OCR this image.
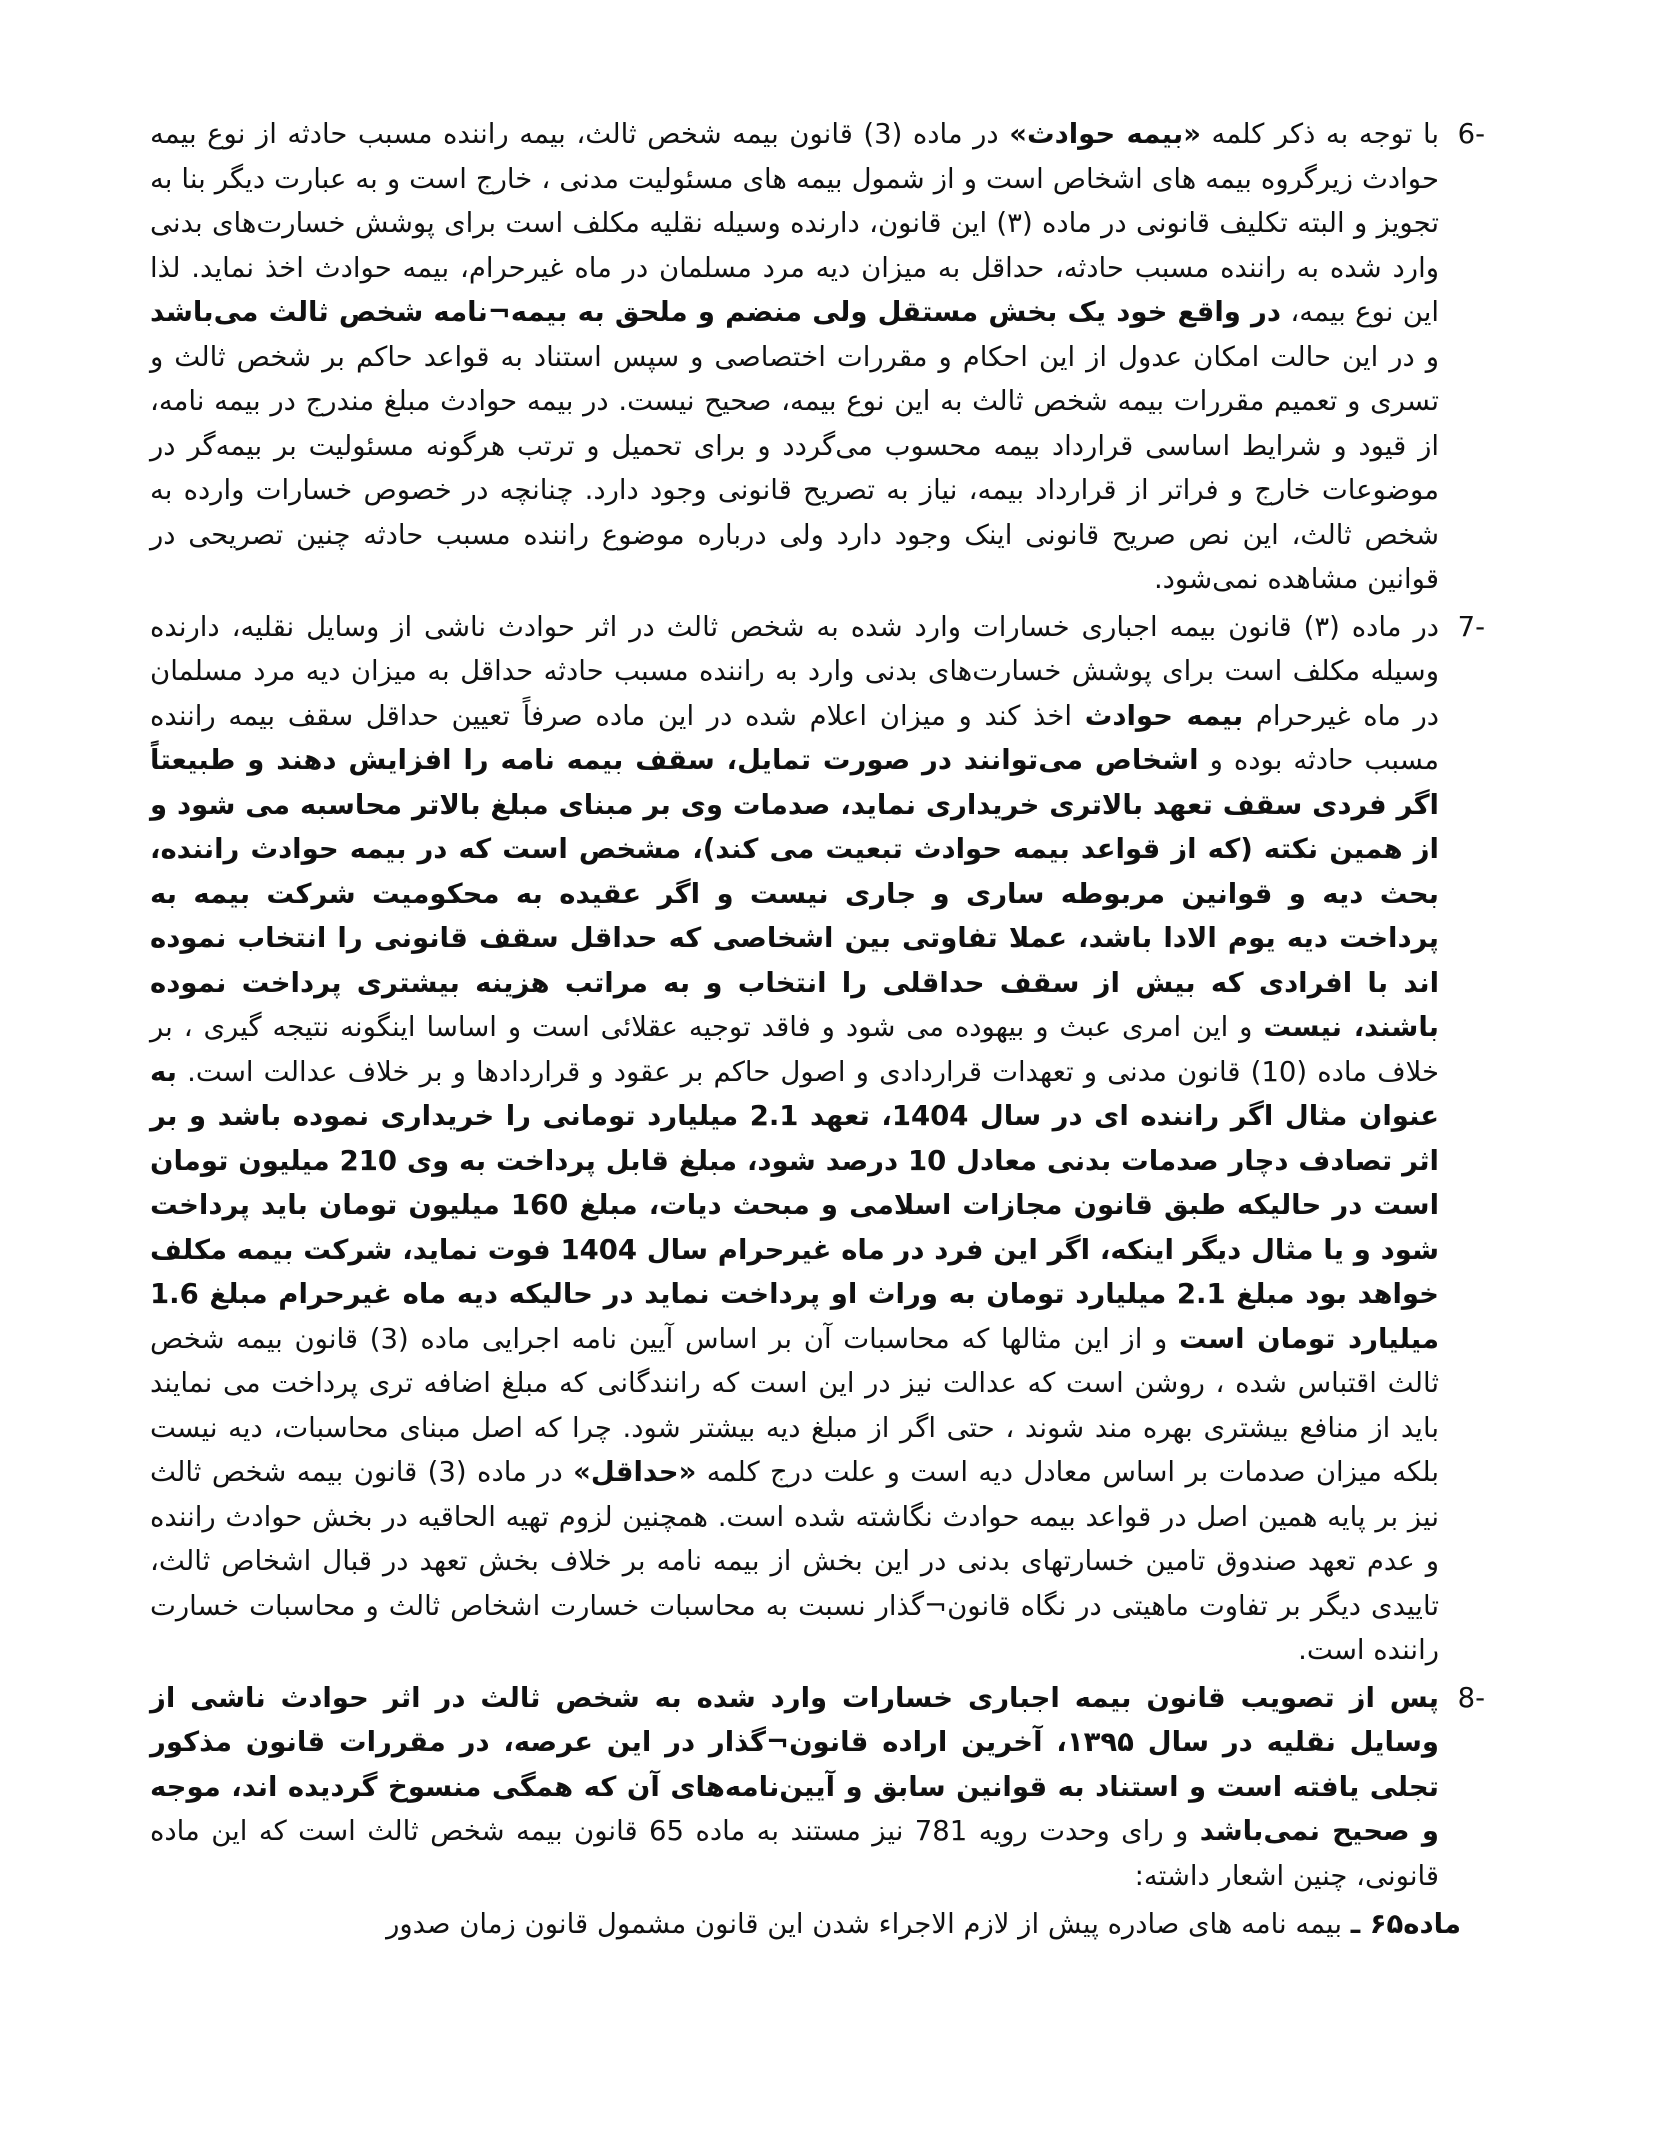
6-
با توجه به ذکر کلمه «بیمه حوادث» در ماده (3) قانون بیمه شخص ثالث، بیمه راننده مسبب حادثه از نوع بیمه حوادث زیرگروه بیمه های اشخاص است و از شمول بیمه های مسئولیت مدنی ، خارج است و به عبارت دیگر بنا به تجویز و البته تکلیف قانونی در ماده (۳) این قانون، دارنده وسیله نقلیه مکلف است برای پوشش خسارت‌های بدنی وارد شده به راننده مسبب حادثه، حداقل به میزان دیه مرد مسلمان در ماه غیرحرام، بیمه حوادث اخذ نماید. لذا این نوع بیمه، در واقع خود یک بخش مستقل ولی منضم و ملحق به بیمه¬نامه شخص ثالث می‌باشد و در این حالت امکان عدول از این احکام و مقررات اختصاصی و سپس استناد به قواعد حاکم بر شخص ثالث و تسری و تعمیم مقررات بیمه شخص ثالث به این نوع بیمه، صحیح نیست. در بیمه حوادث مبلغ مندرج در بیمه نامه، از قیود و شرایط اساسی قرارداد بیمه محسوب می‌گردد و برای تحمیل و ترتب هرگونه مسئولیت بر بیمه‌گر در موضوعات خارج و فراتر از قرارداد بیمه، نیاز به تصریح قانونی وجود دارد. چنانچه در خصوص خسارات وارده به شخص ثالث، این نص صریح قانونی اینک وجود دارد ولی درباره موضوع راننده مسبب حادثه چنین تصریحی در قوانین مشاهده نمی‌شود.
7-
در ماده (۳) قانون بیمه اجباری خسارات وارد شده به شخص ثالث در اثر حوادث ناشی از وسایل نقلیه، دارنده وسیله مکلف است برای پوشش خسارت‌های بدنی وارد به راننده مسبب حادثه حداقل به میزان دیه مرد مسلمان در ماه غیرحرام بیمه حوادث اخذ کند و میزان اعلام شده در این ماده صرفاً تعیین حداقل سقف بیمه راننده مسبب حادثه بوده و اشخاص می‌توانند در صورت تمایل، سقف بیمه نامه را افزایش دهند و طبیعتاً اگر فردی سقف تعهد بالاتری خریداری نماید، صدمات وی بر مبنای مبلغ بالاتر محاسبه می شود و از همین نکته (که از قواعد بیمه حوادث تبعیت می کند)، مشخص است که در بیمه حوادث راننده، بحث دیه و قوانین مربوطه ساری و جاری نیست و اگر عقیده به محکومیت شرکت بیمه به پرداخت دیه یوم الادا باشد، عملا تفاوتی بین اشخاصی که حداقل سقف قانونی را انتخاب نموده اند با افرادی که بیش از سقف حداقلی را انتخاب و به مراتب هزینه بیشتری پرداخت نموده باشند، نیست و این امری عبث و بیهوده می شود و فاقد توجیه عقلائی است و اساسا اینگونه نتیجه گیری ، بر خلاف ماده (10) قانون مدنی و تعهدات قراردادی و اصول حاکم بر عقود و قراردادها و بر خلاف عدالت است. به عنوان مثال اگر راننده ای در سال 1404، تعهد 2.1 میلیارد تومانی را خریداری نموده باشد و بر اثر تصادف دچار صدمات بدنی معادل 10 درصد شود، مبلغ قابل پرداخت به وی 210 میلیون تومان است در حالیکه طبق قانون مجازات اسلامی و مبحث دیات، مبلغ 160 میلیون تومان باید پرداخت شود و یا مثال دیگر اینکه، اگر این فرد در ماه غیرحرام سال 1404 فوت نماید، شرکت بیمه مکلف خواهد بود مبلغ 2.1 میلیارد تومان به وراث او پرداخت نماید در حالیکه دیه ماه غیرحرام مبلغ 1.6 میلیارد تومان است و از این مثالها که محاسبات آن بر اساس آیین نامه اجرایی ماده (3) قانون بیمه شخص ثالث اقتباس شده ، روشن است که عدالت نیز در این است که رانندگانی که مبلغ اضافه تری پرداخت می نمایند باید از منافع بیشتری بهره مند شوند ، حتی اگر از مبلغ دیه بیشتر شود. چرا که اصل مبنای محاسبات، دیه نیست بلکه میزان صدمات بر اساس معادل دیه است و علت درج کلمه «حداقل» در ماده (3) قانون بیمه شخص ثالث نیز بر پایه همین اصل در قواعد بیمه حوادث نگاشته شده است. همچنین لزوم تهیه الحاقیه در بخش حوادث راننده و عدم تعهد صندوق تامین خسارتهای بدنی در این بخش از بیمه نامه بر خلاف بخش تعهد در قبال اشخاص ثالث، تاییدی دیگر بر تفاوت ماهیتی در نگاه قانون¬گذار نسبت به محاسبات خسارت اشخاص ثالث و محاسبات خسارت راننده است.
8-
پس از تصویب قانون بیمه اجباری خسارات وارد شده به شخص ثالث در اثر حوادث ناشی از وسایل نقلیه در سال ۱۳۹۵، آخرین اراده قانون¬گذار در این عرصه، در مقررات قانون مذکور تجلی یافته است و استناد به قوانین سابق و آیین‌نامه‌های آن که همگی منسوخ گردیده اند، موجه و صحیح نمی‌باشد و رای وحدت رویه 781 نیز مستند به ماده 65 قانون بیمه شخص ثالث است که این ماده قانونی، چنین اشعار داشته:
ماده۶۵ ـ بیمه نامه های صادره پیش از لازم الاجراء شدن این قانون مشمول قانون زمان صدور
